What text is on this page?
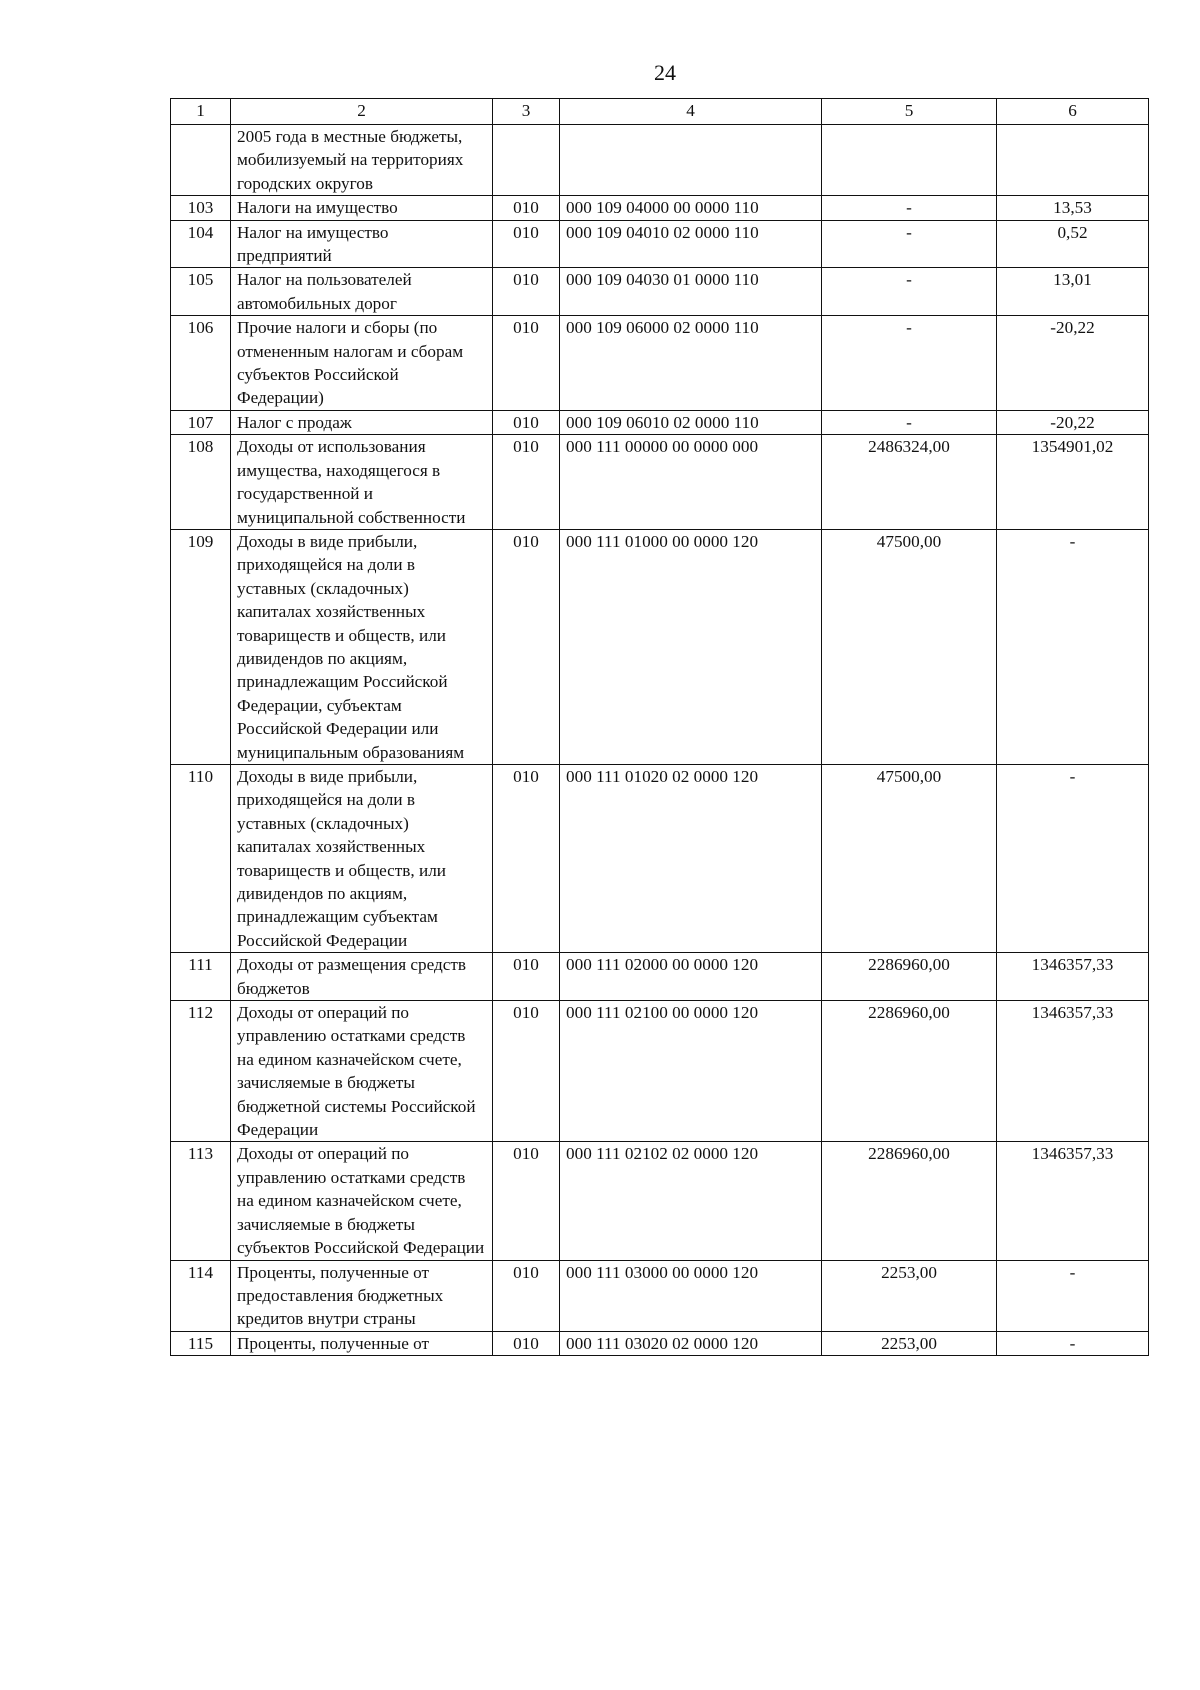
24
1	2	3	4	5	6
	2005 года в местные бюджеты, мобилизуемый на территориях городских округов				
103	Налоги на имущество	010	000 109 04000 00 0000 110	-	13,53
104	Налог на имущество предприятий	010	000 109 04010 02 0000 110	-	0,52
105	Налог на пользователей автомобильных дорог	010	000 109 04030 01 0000 110	-	13,01
106	Прочие налоги и сборы (по отмененным налогам и сборам субъектов Российской Федерации)	010	000 109 06000 02 0000 110	-	-20,22
107	Налог с продаж	010	000 109 06010 02 0000 110	-	-20,22
108	Доходы от использования имущества, находящегося в государственной и муниципальной собственности	010	000 111 00000 00 0000 000	2486324,00	1354901,02
109	Доходы в виде прибыли, приходящейся на доли в уставных (складочных) капиталах хозяйственных товариществ и обществ, или дивидендов по акциям, принадлежащим Российской Федерации, субъектам Российской Федерации или муниципальным образованиям	010	000 111 01000 00 0000 120	47500,00	-
110	Доходы в виде прибыли, приходящейся на доли в уставных (складочных) капиталах хозяйственных товариществ и обществ, или дивидендов по акциям, принадлежащим субъектам Российской Федерации	010	000 111 01020 02 0000 120	47500,00	-
111	Доходы от размещения средств бюджетов	010	000 111 02000 00 0000 120	2286960,00	1346357,33
112	Доходы от операций по управлению остатками средств на едином казначейском счете, зачисляемые в бюджеты бюджетной системы Российской Федерации	010	000 111 02100 00 0000 120	2286960,00	1346357,33
113	Доходы от операций по управлению остатками средств на едином казначейском счете, зачисляемые в бюджеты субъектов Российской Федерации	010	000 111 02102 02 0000 120	2286960,00	1346357,33
114	Проценты, полученные от предоставления бюджетных кредитов внутри страны	010	000 111 03000 00 0000 120	2253,00	-
115	Проценты, полученные от	010	000 111 03020 02 0000 120	2253,00	-
